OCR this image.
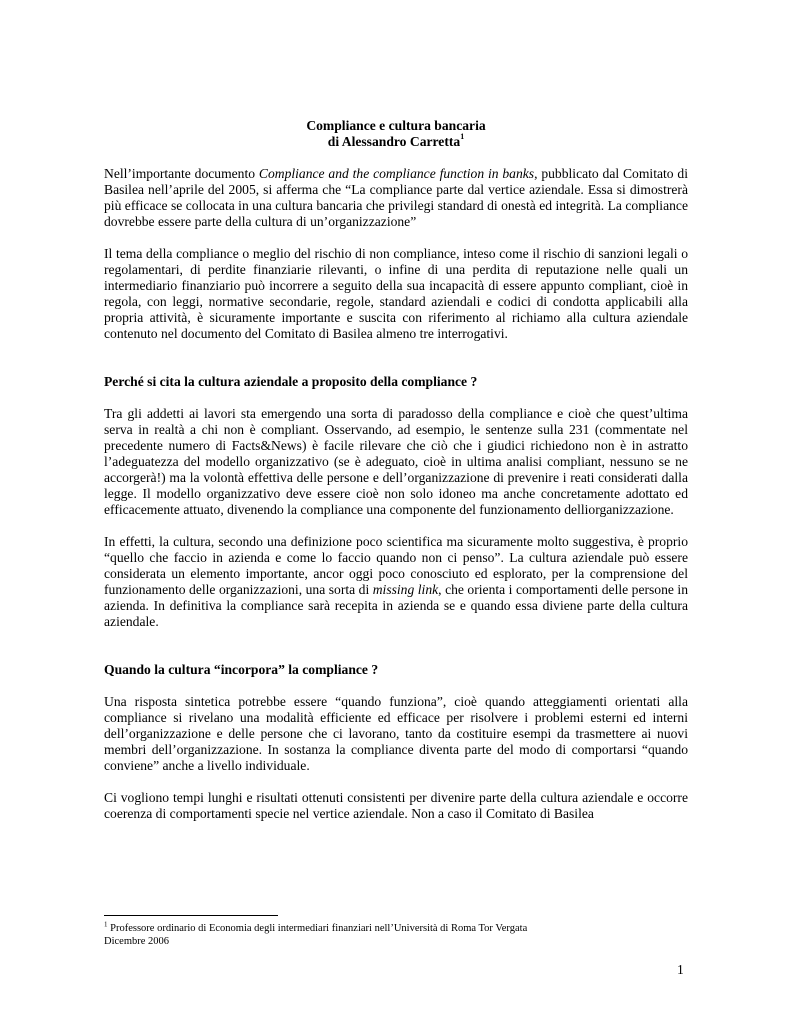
Compliance e cultura bancaria
di Alessandro Carretta$^1$

Nell’importante documento Compliance and the compliance function in banks, pubblicato dal Comitato di Basilea nell’aprile del 2005, si afferma che “La compliance parte dal vertice aziendale. Essa si dimostrerà più efficace se collocata in una cultura bancaria che privilegi standard di onestà ed integrità. La compliance dovrebbe essere parte della cultura di un’organizzazione”

Il tema della compliance o meglio del rischio di non compliance, inteso come il rischio di sanzioni legali o regolamentari, di perdite finanziarie rilevanti, o infine di una perdita di reputazione nelle quali un intermediario finanziario può incorrere a seguito della sua incapacità di essere appunto compliant, cioè in regola, con leggi, normative secondarie, regole, standard aziendali e codici di condotta applicabili alla propria attività, è sicuramente importante e suscita con riferimento al richiamo alla cultura aziendale contenuto nel documento del Comitato di Basilea almeno tre interrogativi.

Perché si cita la cultura aziendale a proposito della compliance ?

Tra gli addetti ai lavori sta emergendo una sorta di paradosso della compliance e cioè che quest’ultima serva in realtà a chi non è compliant. Osservando, ad esempio, le sentenze sulla 231 (commentate nel precedente numero di Facts&News) è facile rilevare che ciò che i giudici richiedono non è in astratto l’adeguatezza del modello organizzativo (se è adeguato, cioè in ultima analisi compliant, nessuno se ne accorgerà!) ma la volontà effettiva delle persone e dell’organizzazione di prevenire i reati considerati dalla legge. Il modello organizzativo deve essere cioè non solo idoneo ma anche concretamente adottato ed efficacemente attuato, divenendo la compliance una componente del funzionamento delliorganizzazione.

In effetti, la cultura, secondo una definizione poco scientifica ma sicuramente molto suggestiva, è proprio “quello che faccio in azienda e come lo faccio quando non ci penso”. La cultura aziendale può essere considerata un elemento importante, ancor oggi poco conosciuto ed esplorato, per la comprensione del funzionamento delle organizzazioni, una sorta di missing link, che orienta i comportamenti delle persone in azienda. In definitiva la compliance sarà recepita in azienda se e quando essa diviene parte della cultura aziendale.

Quando la cultura “incorpora” la compliance ?

Una risposta sintetica potrebbe essere “quando funziona”, cioè quando atteggiamenti orientati alla compliance si rivelano una modalità efficiente ed efficace per risolvere i problemi esterni ed interni dell’organizzazione e delle persone che ci lavorano, tanto da costituire esempi da trasmettere ai nuovi membri dell’organizzazione. In sostanza la compliance diventa parte del modo di comportarsi “quando conviene” anche a livello individuale.

Ci vogliono tempi lunghi e risultati ottenuti consistenti per divenire parte della cultura aziendale e occorre coerenza di comportamenti specie nel vertice aziendale. Non a caso il Comitato di Basilea

$^1$ Professore ordinario di Economia degli intermediari finanziari nell’Università di Roma Tor Vergata
Dicembre 2006
1
